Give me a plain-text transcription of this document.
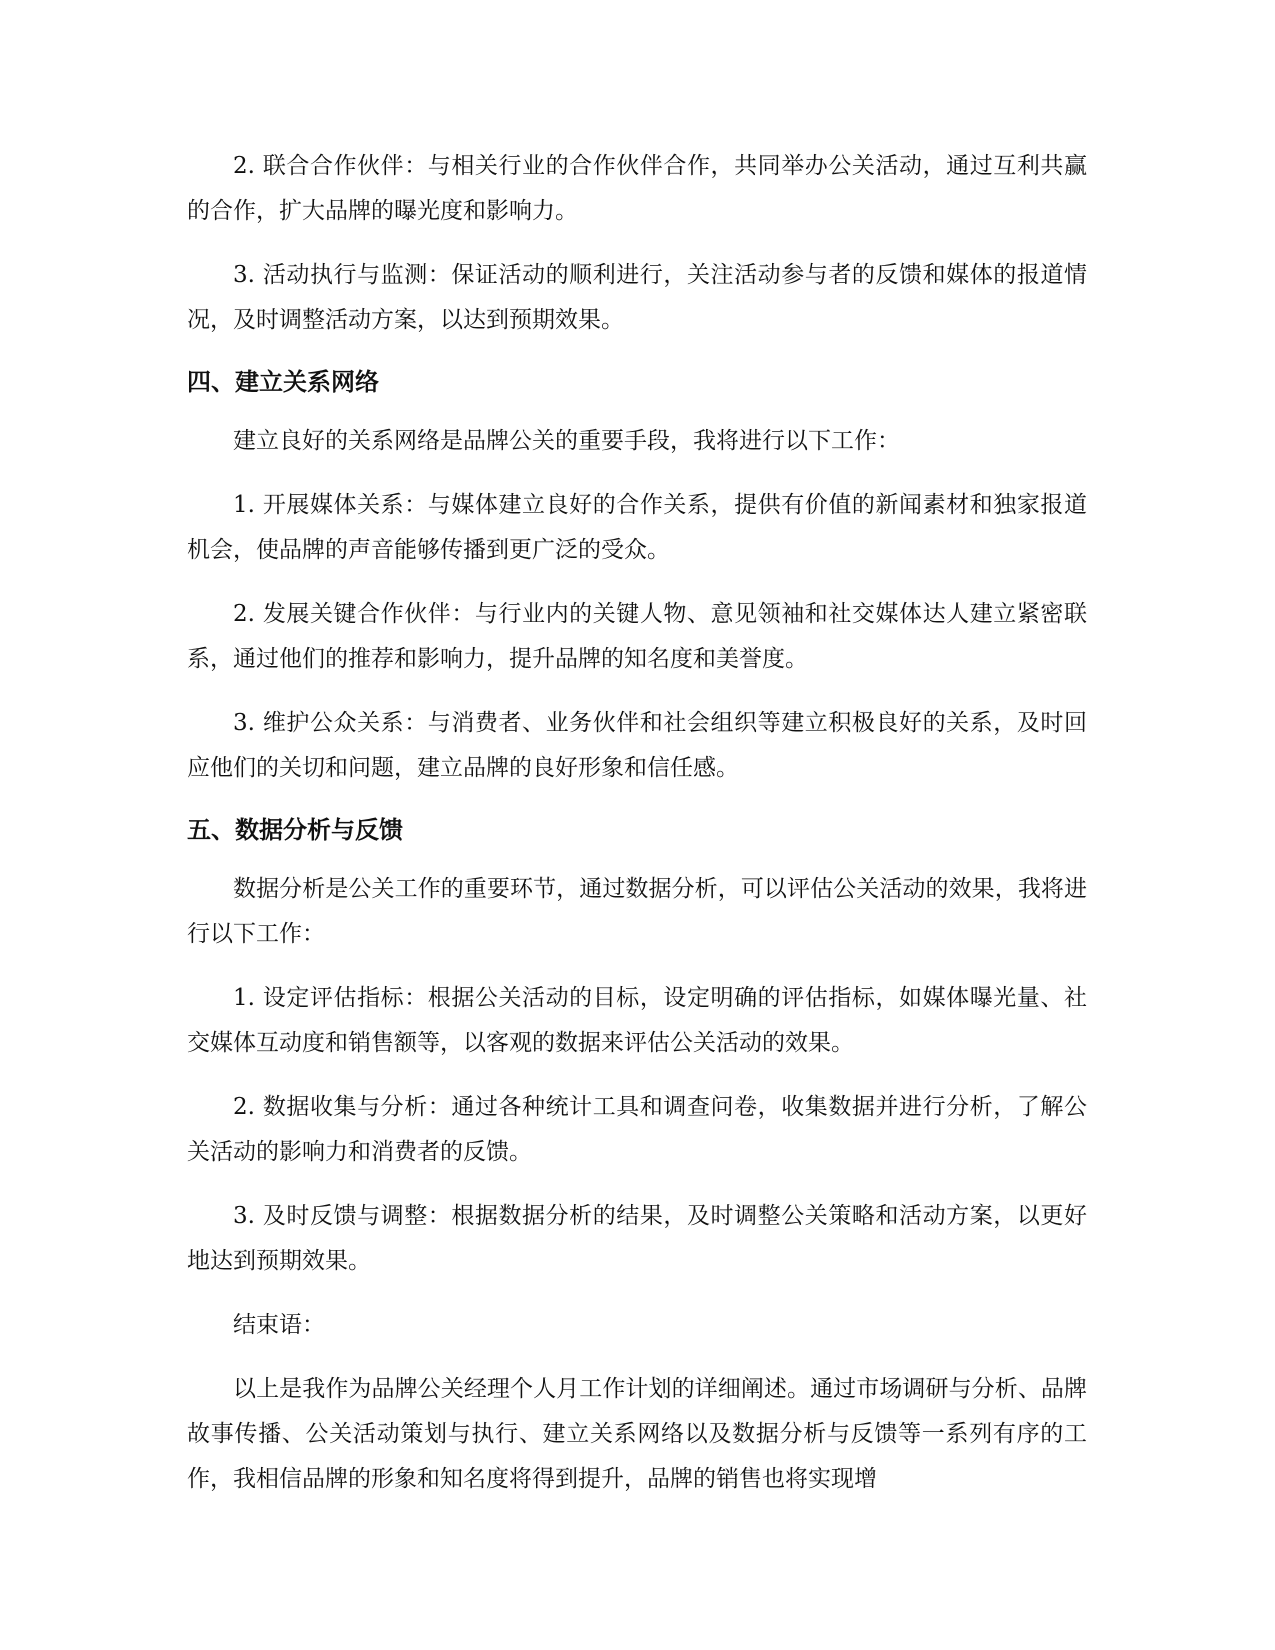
2. 联合合作伙伴：与相关行业的合作伙伴合作，共同举办公关活动，通过互利共赢的合作，扩大品牌的曝光度和影响力。

3. 活动执行与监测：保证活动的顺利进行，关注活动参与者的反馈和媒体的报道情况，及时调整活动方案，以达到预期效果。

四、建立关系网络

建立良好的关系网络是品牌公关的重要手段，我将进行以下工作：

1. 开展媒体关系：与媒体建立良好的合作关系，提供有价值的新闻素材和独家报道机会，使品牌的声音能够传播到更广泛的受众。

2. 发展关键合作伙伴：与行业内的关键人物、意见领袖和社交媒体达人建立紧密联系，通过他们的推荐和影响力，提升品牌的知名度和美誉度。

3. 维护公众关系：与消费者、业务伙伴和社会组织等建立积极良好的关系，及时回应他们的关切和问题，建立品牌的良好形象和信任感。

五、数据分析与反馈

数据分析是公关工作的重要环节，通过数据分析，可以评估公关活动的效果，我将进行以下工作：

1. 设定评估指标：根据公关活动的目标，设定明确的评估指标，如媒体曝光量、社交媒体互动度和销售额等，以客观的数据来评估公关活动的效果。

2. 数据收集与分析：通过各种统计工具和调查问卷，收集数据并进行分析，了解公关活动的影响力和消费者的反馈。

3. 及时反馈与调整：根据数据分析的结果，及时调整公关策略和活动方案，以更好地达到预期效果。

结束语：

以上是我作为品牌公关经理个人月工作计划的详细阐述。通过市场调研与分析、品牌故事传播、公关活动策划与执行、建立关系网络以及数据分析与反馈等一系列有序的工作，我相信品牌的形象和知名度将得到提升，品牌的销售也将实现增
